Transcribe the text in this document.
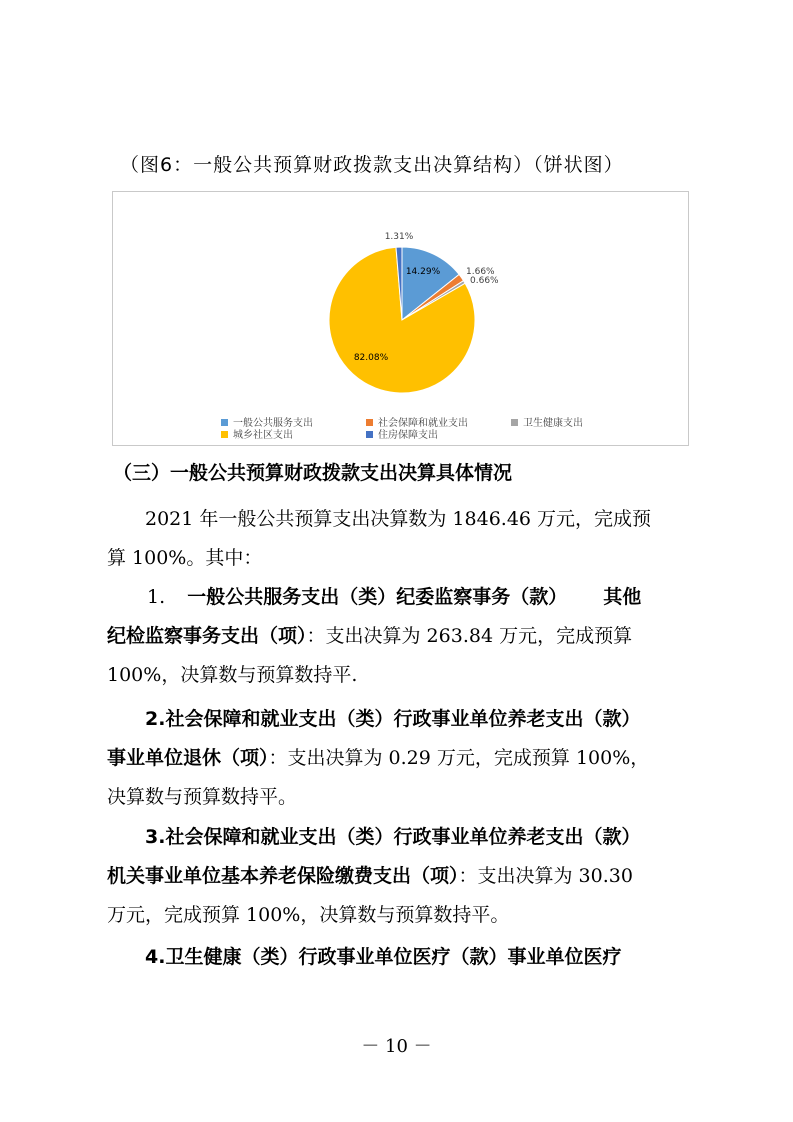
（图6：一般公共预算财政拨款支出决算结构）（饼状图）
14.29%	1.66%
0.66%
82.08%
1.31%
一般公共服务支出	社会保障和就业支出	卫生健康支出
城乡社区支出	住房保障支出
（三）一般公共预算财政拨款支出决算具体情况
2021 年一般公共预算支出决算数为 1846.46 万元，完成预
算 100%。其中：
1. 一般公共服务支出（类）纪委监察事务（款） 其他
纪检监察事务支出（项）：支出决算为 263.84 万元，完成预算
100%，决算数与预算数持平.
2.社会保障和就业支出（类）行政事业单位养老支出（款）
事业单位退休（项）：支出决算为 0.29 万元，完成预算 100%，
决算数与预算数持平。
3.社会保障和就业支出（类）行政事业单位养老支出（款）
机关事业单位基本养老保险缴费支出（项）：支出决算为 30.30
万元，完成预算 100%，决算数与预算数持平。
4.卫生健康（类）行政事业单位医疗（款）事业单位医疗
－ 10 －
